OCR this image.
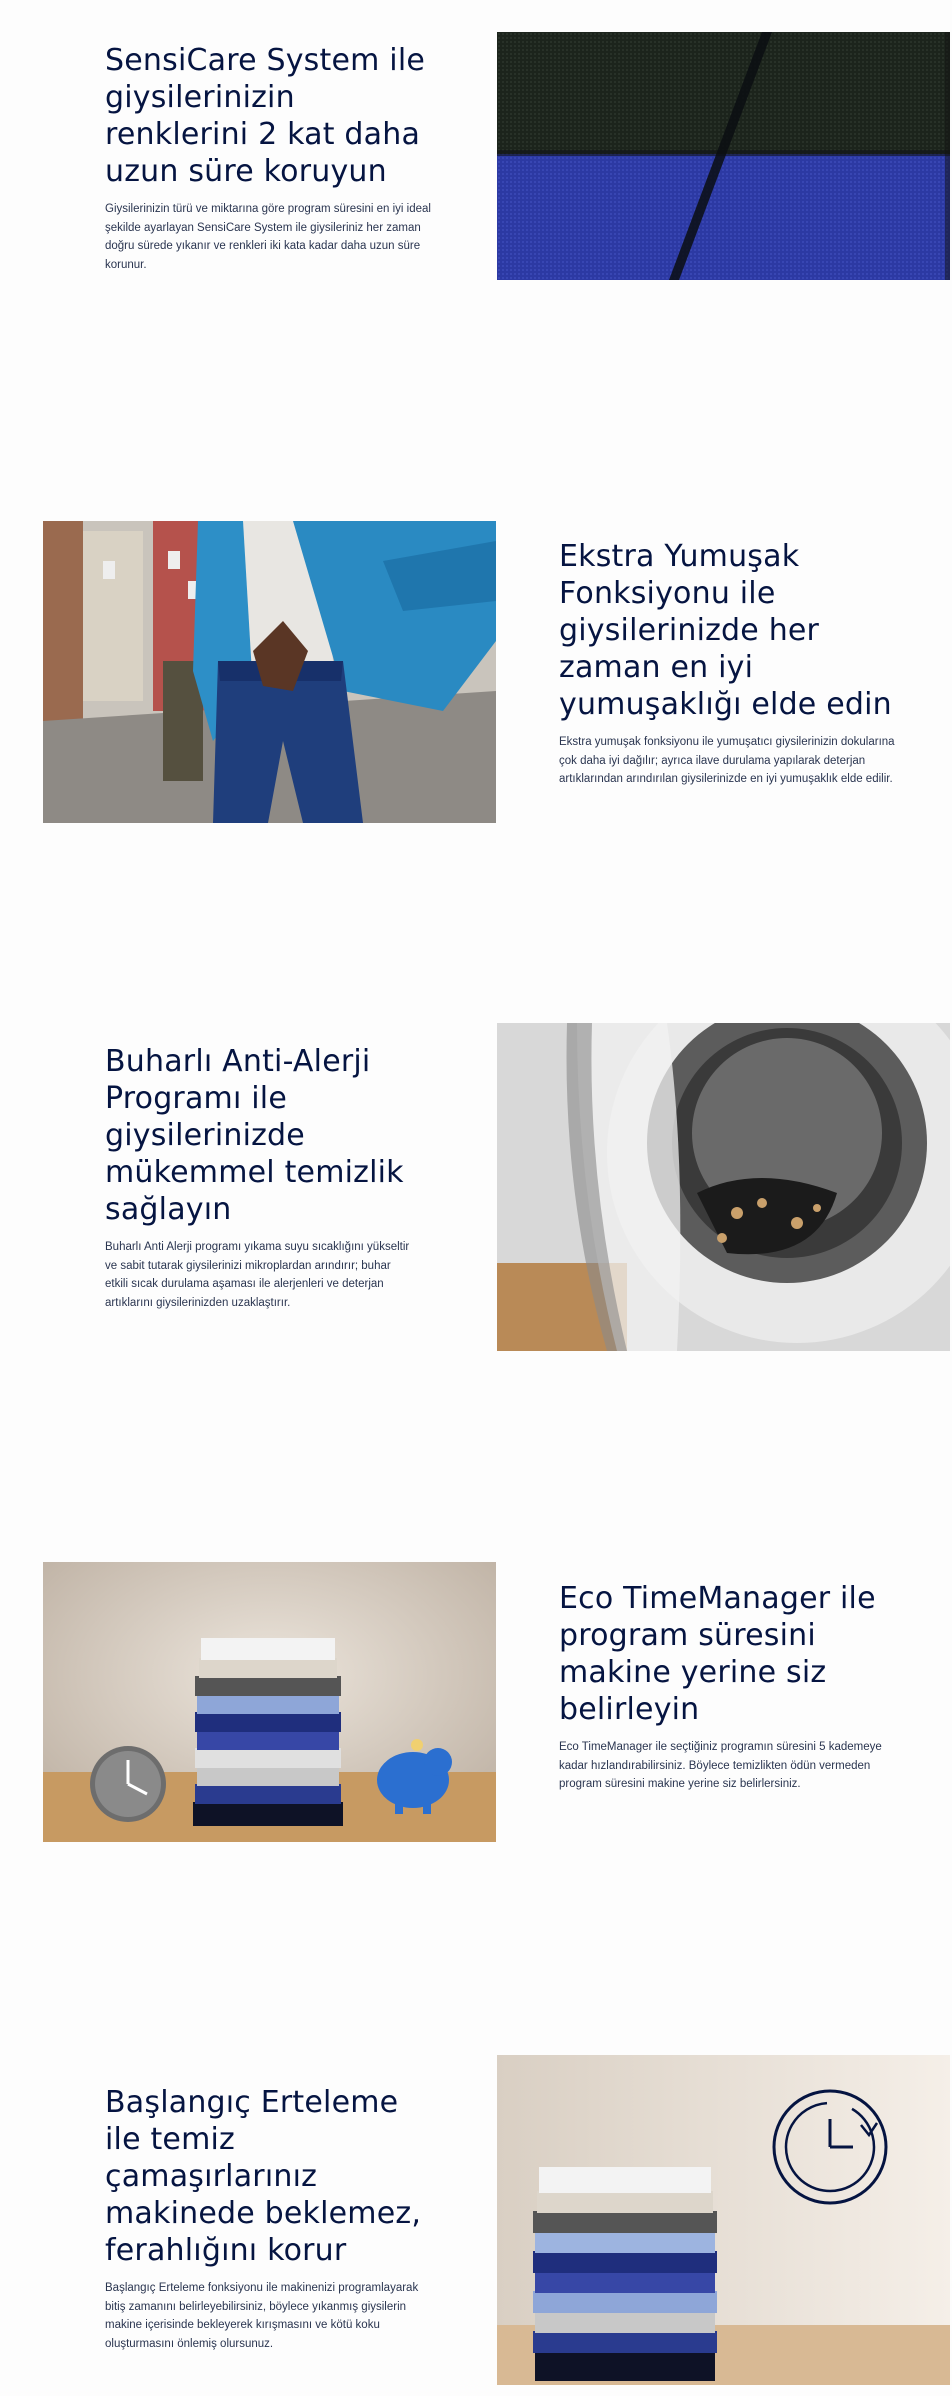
SensiCare System ile giysilerinizin renklerini 2 kat daha uzun süre koruyun

Giysilerinizin türü ve miktarına göre program süresini en iyi ideal şekilde ayarlayan SensiCare System ile giysileriniz her zaman doğru sürede yıkanır ve renkleri iki kata kadar daha uzun süre korunur.

Ekstra Yumuşak Fonksiyonu ile giysilerinizde her zaman en iyi yumuşaklığı elde edin

Ekstra yumuşak fonksiyonu ile yumuşatıcı giysilerinizin dokularına çok daha iyi dağılır; ayrıca ilave durulama yapılarak deterjan artıklarından arındırılan giysilerinizde en iyi yumuşaklık elde edilir.

Buharlı Anti-Alerji Programı ile giysilerinizde mükemmel temizlik sağlayın

Buharlı Anti Alerji programı yıkama suyu sıcaklığını yükseltir ve sabit tutarak giysilerinizi mikroplardan arındırır; buhar etkili sıcak durulama aşaması ile alerjenleri ve deterjan artıklarını giysilerinizden uzaklaştırır.

Eco TimeManager ile program süresini makine yerine siz belirleyin

Eco TimeManager ile seçtiğiniz programın süresini 5 kademeye kadar hızlandırabilirsiniz. Böylece temizlikten ödün vermeden program süresini makine yerine siz belirlersiniz.

Başlangıç Erteleme ile temiz çamaşırlarınız makinede beklemez, ferahlığını korur

Başlangıç Erteleme fonksiyonu ile makinenizi programlayarak bitiş zamanını belirleyebilirsiniz, böylece yıkanmış giysilerin makine içerisinde bekleyerek kırışmasını ve kötü koku oluşturmasını önlemiş olursunuz.
